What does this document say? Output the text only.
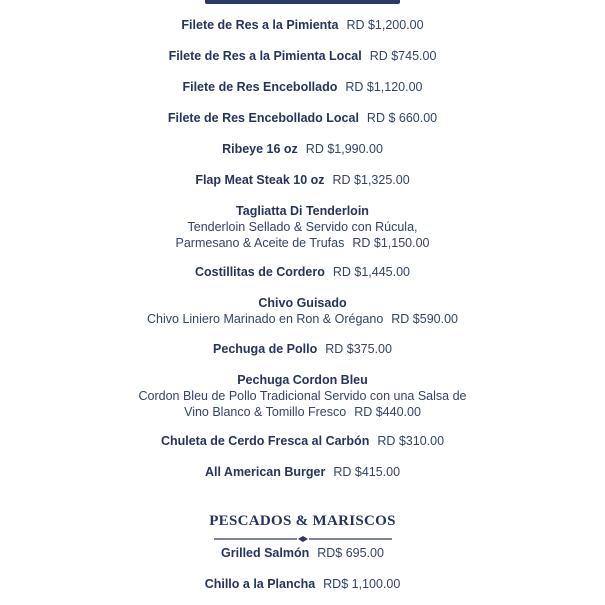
Filete de Res a la Pimienta RD $1,200.00
Filete de Res a la Pimienta Local RD $745.00
Filete de Res Encebollado RD $1,120.00
Filete de Res Encebollado Local RD $ 660.00
Ribeye 16 oz RD $1,990.00
Flap Meat Steak 10 oz RD $1,325.00
Tagliatta Di Tenderloin
Tenderloin Sellado & Servido con Rúcula,
Parmesano & Aceite de Trufas RD $1,150.00
Costillitas de Cordero RD $1,445.00
Chivo Guisado
Chivo Liniero Marinado en Ron & Orégano RD $590.00
Pechuga de Pollo RD $375.00
Pechuga Cordon Bleu
Cordon Bleu de Pollo Tradicional Servido con una Salsa de
Vino Blanco & Tomillo Fresco RD $440.00
Chuleta de Cerdo Fresca al Carbón RD $310.00
All American Burger RD $415.00
PESCADOS & MARISCOS
Grilled Salmón RD$ 695.00
Chillo a la Plancha RD$ 1,100.00
